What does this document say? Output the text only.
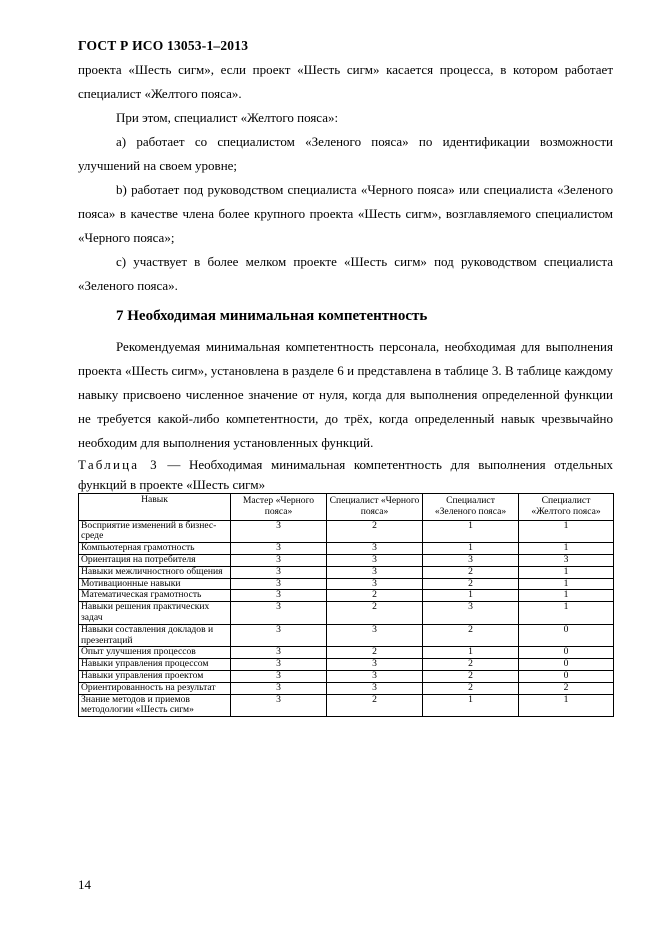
ГОСТ Р ИСО 13053-1–2013

проекта «Шесть сигм», если проект «Шесть сигм» касается процесса, в котором работает специалист «Желтого пояса».

При этом, специалист «Желтого пояса»:

a) работает со специалистом «Зеленого пояса» по идентификации возможности улучшений на своем уровне;

b) работает под руководством специалиста «Черного пояса» или специалиста «Зеленого пояса» в качестве члена более крупного проекта «Шесть сигм», возглавляемого специалистом «Черного пояса»;

c) участвует в более мелком проекте «Шесть сигм» под руководством специалиста «Зеленого пояса».

7 Необходимая минимальная компетентность

Рекомендуемая минимальная компетентность персонала, необходимая для выполнения проекта «Шесть сигм», установлена в разделе 6 и представлена в таблице 3. В таблице каждому навыку присвоено численное значение от нуля, когда для выполнения определенной функции не требуется какой-либо компетентности, до трёх, когда определенный навык чрезвычайно необходим для выполнения установленных функций.

Таблица 3 — Необходимая минимальная компетентность для выполнения отдельных функций в проекте «Шесть сигм»

Навык	Мастер «Черного пояса»	Специалист «Черного пояса»	Специалист «Зеленого пояса»	Специалист «Желтого пояса»
Восприятие изменений в бизнес-среде	3	2	1	1
Компьютерная грамотность	3	3	1	1
Ориентация на потребителя	3	3	3	3
Навыки межличностного общения	3	3	2	1
Мотивационные навыки	3	3	2	1
Математическая грамотность	3	2	1	1
Навыки решения практических задач	3	2	3	1
Навыки составления докладов и презентаций	3	3	2	0
Опыт улучшения процессов	3	2	1	0
Навыки управления процессом	3	3	2	0
Навыки управления проектом	3	3	2	0
Ориентированность на результат	3	3	2	2
Знание методов и приемов методологии «Шесть сигм»	3	2	1	1
14
